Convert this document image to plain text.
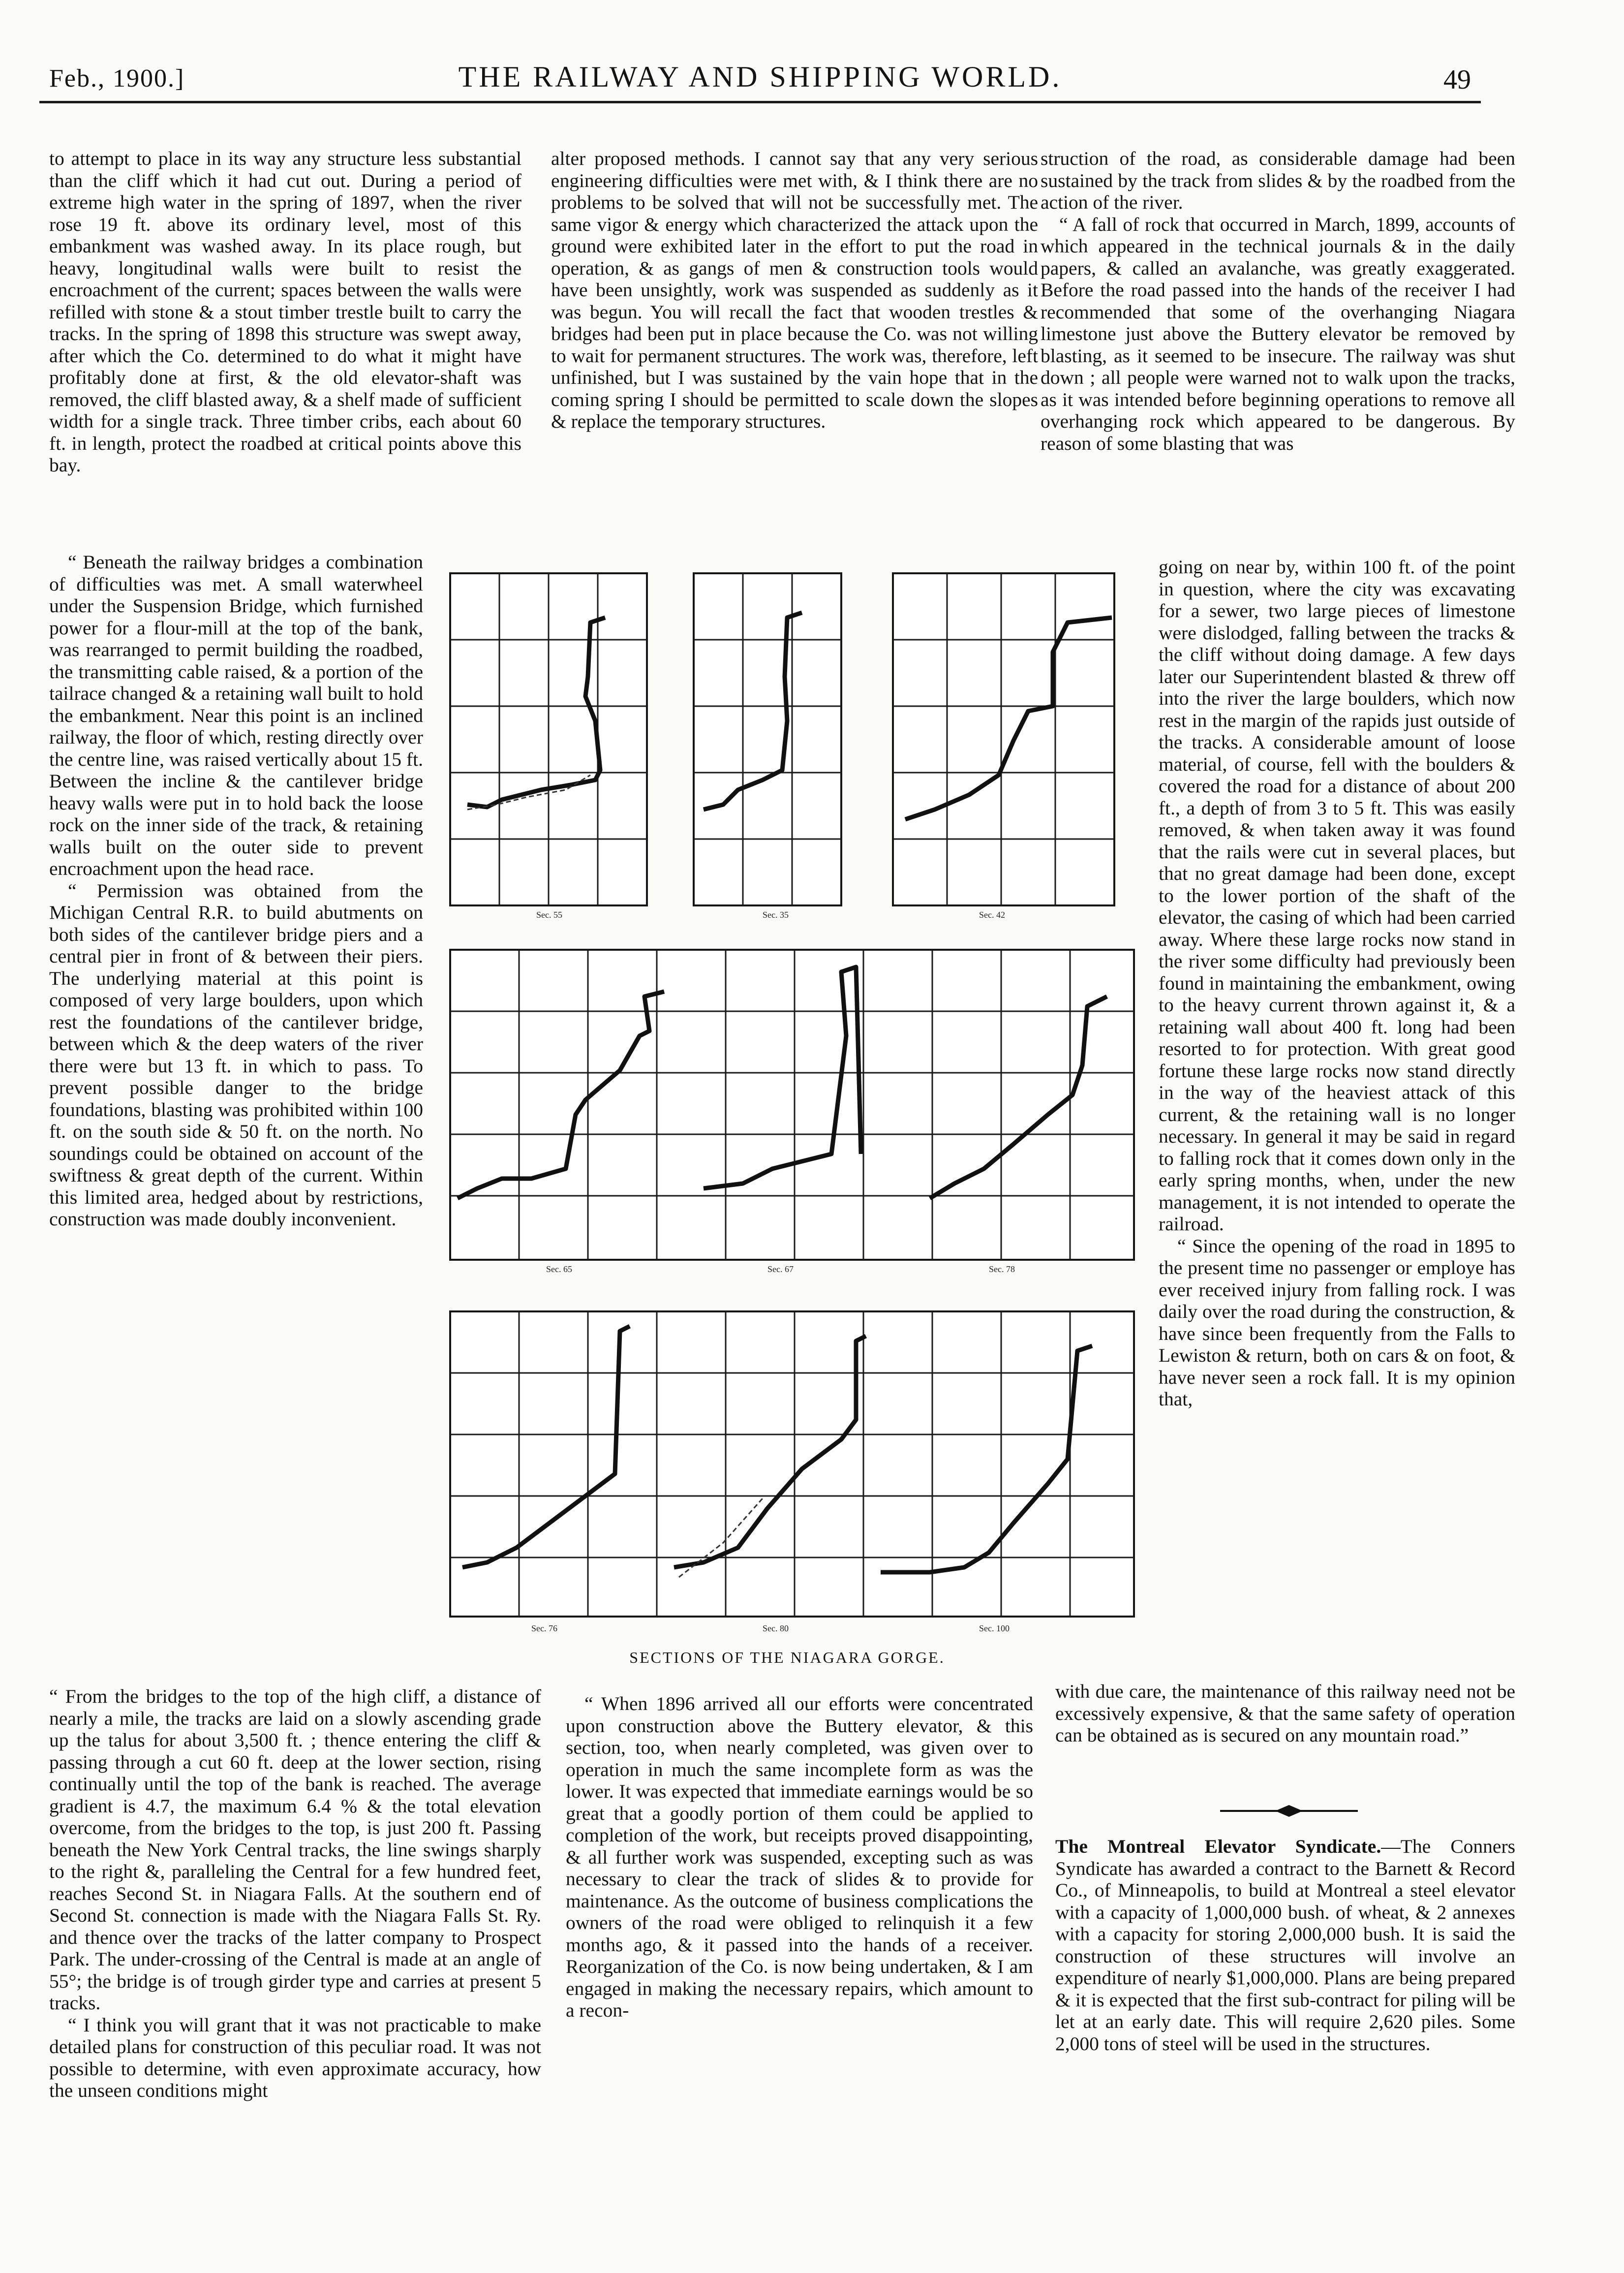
Feb., 1900.]	THE RAILWAY AND SHIPPING WORLD.	49

to attempt to place in its way any structure less substantial than the cliff which it had cut out. During a period of extreme high water in the spring of 1897, when the river rose 19 ft. above its ordinary level, most of this embankment was washed away. In its place rough, but heavy, longitudinal walls were built to resist the encroachment of the current; spaces between the walls were refilled with stone & a stout timber trestle built to carry the tracks. In the spring of 1898 this structure was swept away, after which the Co. determined to do what it might have profitably done at first, & the old elevator-shaft was removed, the cliff blasted away, & a shelf made of sufficient width for a single track. Three timber cribs, each about 60 ft. in length, protect the roadbed at critical points above this bay.

“ Beneath the railway bridges a combination of difficulties was met. A small waterwheel under the Suspension Bridge, which furnished power for a flour-mill at the top of the bank, was rearranged to permit building the roadbed, the transmitting cable raised, & a portion of the tailrace changed & a retaining wall built to hold the embankment. Near this point is an inclined railway, the floor of which, resting directly over the centre line, was raised vertically about 15 ft. Between the incline & the cantilever bridge heavy walls were put in to hold back the loose rock on the inner side of the track, & retaining walls built on the outer side to prevent encroachment upon the head race.

“ Permission was obtained from the Michigan Central R.R. to build abutments on both sides of the cantilever bridge piers and a central pier in front of & between their piers. The underlying material at this point is composed of very large boulders, upon which rest the foundations of the cantilever bridge, between which & the deep waters of the river there were but 13 ft. in which to pass. To prevent possible danger to the bridge foundations, blasting was prohibited within 100 ft. on the south side & 50 ft. on the north. No soundings could be obtained on account of the swiftness & great depth of the current. Within this limited area, hedged about by restrictions, construction was made doubly inconvenient.

“ From the bridges to the top of the high cliff, a distance of nearly a mile, the tracks are laid on a slowly ascending grade up the talus for about 3,500 ft. ; thence entering the cliff & passing through a cut 60 ft. deep at the lower section, rising continually until the top of the bank is reached. The average gradient is 4.7, the maximum 6.4 % & the total elevation overcome, from the bridges to the top, is just 200 ft. Passing beneath the New York Central tracks, the line swings sharply to the right &, paralleling the Central for a few hundred feet, reaches Second St. in Niagara Falls. At the southern end of Second St. connection is made with the Niagara Falls St. Ry. and thence over the tracks of the latter company to Prospect Park. The under-crossing of the Central is made at an angle of 55°; the bridge is of trough girder type and carries at present 5 tracks.

“ I think you will grant that it was not practicable to make detailed plans for construction of this peculiar road. It was not possible to determine, with even approximate accuracy, how the unseen conditions might

alter proposed methods. I cannot say that any very serious engineering difficulties were met with, & I think there are no problems to be solved that will not be successfully met. The same vigor & energy which characterized the attack upon the ground were exhibited later in the effort to put the road in operation, & as gangs of men & construction tools would have been unsightly, work was suspended as suddenly as it was begun. You will recall the fact that wooden trestles & bridges had been put in place because the Co. was not willing to wait for permanent structures. The work was, therefore, left unfinished, but I was sustained by the vain hope that in the coming spring I should be permitted to scale down the slopes & replace the temporary structures.

“ When 1896 arrived all our efforts were concentrated upon construction above the Buttery elevator, & this section, too, when nearly completed, was given over to operation in much the same incomplete form as was the lower. It was expected that immediate earnings would be so great that a goodly portion of them could be applied to completion of the work, but receipts proved disappointing, & all further work was suspended, excepting such as was necessary to clear the track of slides & to provide for maintenance. As the outcome of business complications the owners of the road were obliged to relinquish it a few months ago, & it passed into the hands of a receiver. Reorganization of the Co. is now being undertaken, & I am engaged in making the necessary repairs, which amount to a recon-

struction of the road, as considerable damage had been sustained by the track from slides & by the roadbed from the action of the river.

“ A fall of rock that occurred in March, 1899, accounts of which appeared in the technical journals & in the daily papers, & called an avalanche, was greatly exaggerated. Before the road passed into the hands of the receiver I had recommended that some of the overhanging Niagara limestone just above the Buttery elevator be removed by blasting, as it seemed to be insecure. The railway was shut down ; all people were warned not to walk upon the tracks, as it was intended before beginning operations to remove all overhanging rock which appeared to be dangerous. By reason of some blasting that was

going on near by, within 100 ft. of the point in question, where the city was excavating for a sewer, two large pieces of limestone were dislodged, falling between the tracks & the cliff without doing damage. A few days later our Superintendent blasted & threw off into the river the large boulders, which now rest in the margin of the rapids just outside of the tracks. A considerable amount of loose material, of course, fell with the boulders & covered the road for a distance of about 200 ft., a depth of from 3 to 5 ft. This was easily removed, & when taken away it was found that the rails were cut in several places, but that no great damage had been done, except to the lower portion of the shaft of the elevator, the casing of which had been carried away. Where these large rocks now stand in the river some difficulty had previously been found in maintaining the embankment, owing to the heavy current thrown against it, & a retaining wall about 400 ft. long had been resorted to for protection. With great good fortune these large rocks now stand directly in the way of the heaviest attack of this current, & the retaining wall is no longer necessary. In general it may be said in regard to falling rock that it comes down only in the early spring months, when, under the new management, it is not intended to operate the railroad.

“ Since the opening of the road in 1895 to the present time no passenger or employe has ever received injury from falling rock. I was daily over the road during the construction, & have since been frequently from the Falls to Lewiston & return, both on cars & on foot, & have never seen a rock fall. It is my opinion that,

with due care, the maintenance of this railway need not be excessively expensive, & that the same safety of operation can be obtained as is secured on any mountain road.”

The Montreal Elevator Syndicate.—The Conners Syndicate has awarded a contract to the Barnett & Record Co., of Minneapolis, to build at Montreal a steel elevator with a capacity of 1,000,000 bush. of wheat, & 2 annexes with a capacity for storing 2,000,000 bush. It is said the construction of these structures will involve an expenditure of nearly $1,000,000. Plans are being prepared & it is expected that the first sub-contract for piling will be let at an early date. This will require 2,620 piles. Some 2,000 tons of steel will be used in the structures.

Sec. 55	Sec. 35	Sec. 42
Sec. 65	Sec. 67	Sec. 78
Sec. 76	Sec. 80	Sec. 100
SECTIONS OF THE NIAGARA GORGE.
